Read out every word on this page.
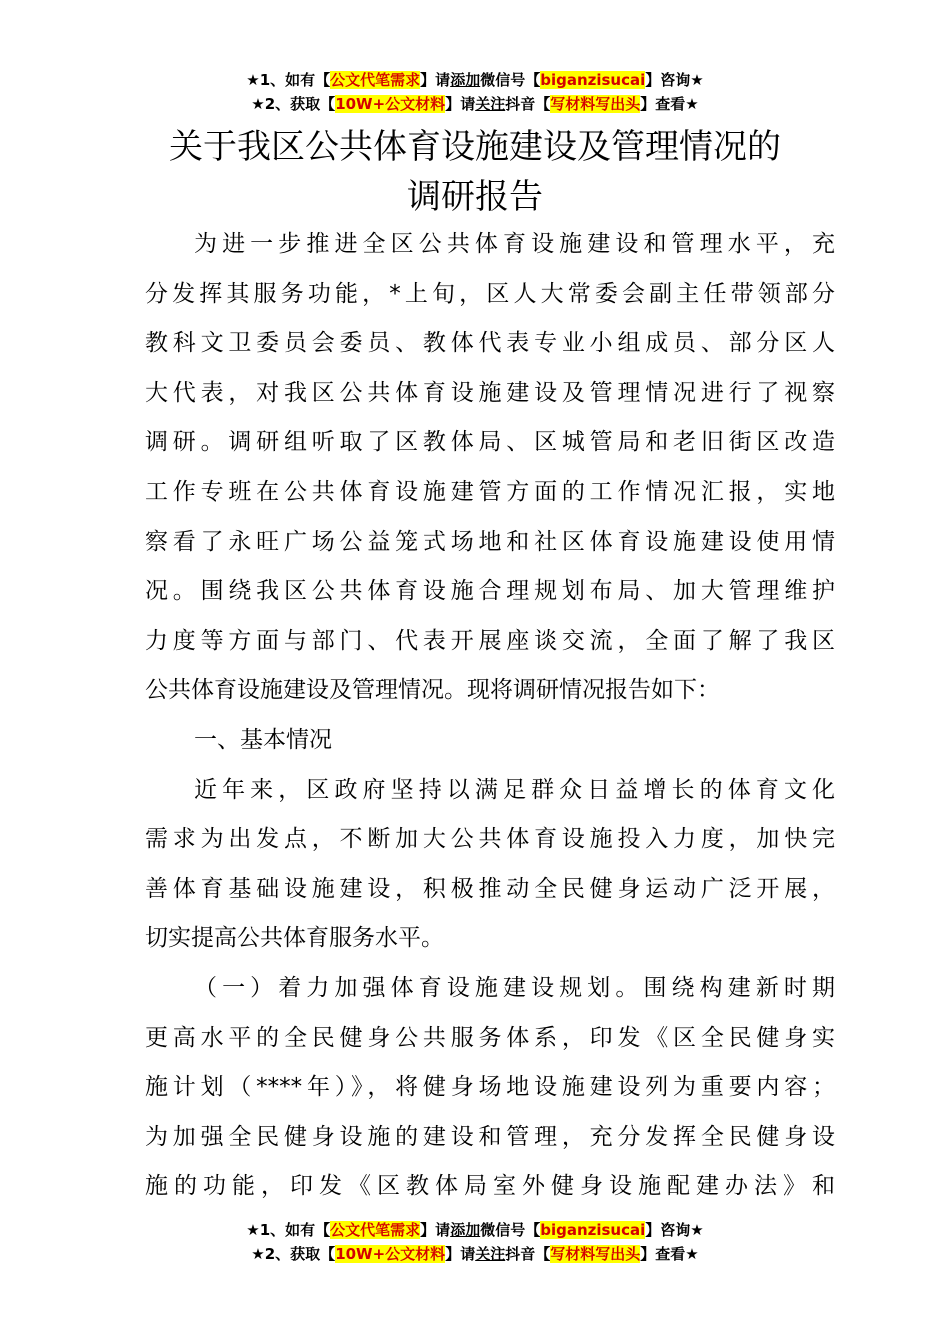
★1、如有【公文代笔需求】请添加微信号【biganzisucai】咨询★
★2、获取【10W+公文材料】请关注抖音【写材料写出头】查看★
关于我区公共体育设施建设及管理情况的
调研报告
为进一步推进全区公共体育设施建设和管理水平，充
分发挥其服务功能，*上旬，区人大常委会副主任带领部分
教科文卫委员会委员、教体代表专业小组成员、部分区人
大代表，对我区公共体育设施建设及管理情况进行了视察
调研。调研组听取了区教体局、区城管局和老旧街区改造
工作专班在公共体育设施建管方面的工作情况汇报，实地
察看了永旺广场公益笼式场地和社区体育设施建设使用情
况。围绕我区公共体育设施合理规划布局、加大管理维护
力度等方面与部门、代表开展座谈交流，全面了解了我区
公共体育设施建设及管理情况。现将调研情况报告如下：
一、基本情况
近年来，区政府坚持以满足群众日益增长的体育文化
需求为出发点，不断加大公共体育设施投入力度，加快完
善体育基础设施建设，积极推动全民健身运动广泛开展，
切实提高公共体育服务水平。
（一）着力加强体育设施建设规划。围绕构建新时期
更高水平的全民健身公共服务体系，印发《区全民健身实
施计划（****年）》，将健身场地设施建设列为重要内容；
为加强全民健身设施的建设和管理，充分发挥全民健身设
施的功能，印发《区教体局室外健身设施配建办法》和
★1、如有【公文代笔需求】请添加微信号【biganzisucai】咨询★
★2、获取【10W+公文材料】请关注抖音【写材料写出头】查看★
